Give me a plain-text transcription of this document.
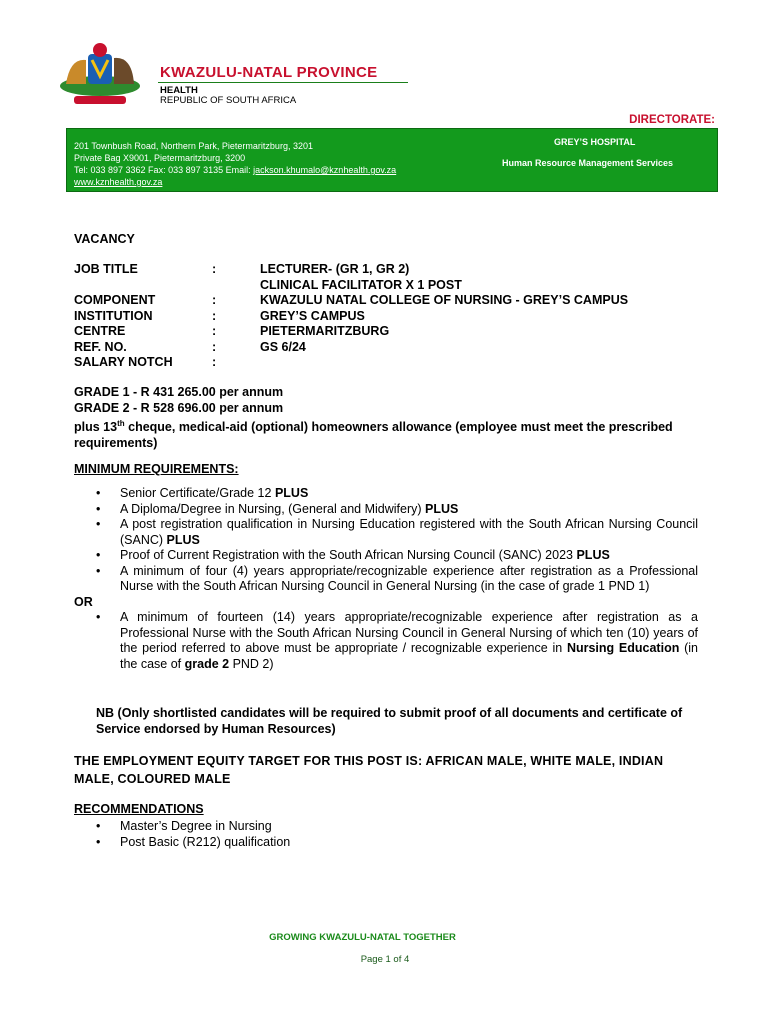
KWAZULU-NATAL PROVINCE
HEALTH
REPUBLIC OF SOUTH AFRICA
DIRECTORATE:
201 Townbush Road, Northern Park, Pietermaritzburg, 3201
Private Bag X9001, Pietermaritzburg, 3200
Tel: 033 897 3362 Fax: 033 897 3135 Email: jackson.khumalo@kznhealth.gov.za
www.kznhealth.gov.za
GREY’S HOSPITAL
Human Resource Management Services
VACANCY
JOB TITLE	:	LECTURER- (GR 1, GR 2)
CLINICAL FACILITATOR X 1 POST
COMPONENT	:	KWAZULU NATAL COLLEGE OF NURSING - GREY’S CAMPUS
INSTITUTION	:	GREY’S CAMPUS
CENTRE	:	PIETERMARITZBURG
REF. NO.	:	GS 6/24
SALARY NOTCH	:
GRADE 1 - R 431 265.00 per annum
GRADE 2 - R 528 696.00 per annum
plus 13th cheque, medical-aid (optional) homeowners allowance (employee must meet the prescribed requirements)
MINIMUM REQUIREMENTS:
• Senior Certificate/Grade 12 PLUS
• A Diploma/Degree in Nursing, (General and Midwifery) PLUS
• A post registration qualification in Nursing Education registered with the South African Nursing Council (SANC) PLUS
• Proof of Current Registration with the South African Nursing Council (SANC) 2023 PLUS
• A minimum of four (4) years appropriate/recognizable experience after registration as a Professional Nurse with the South African Nursing Council in General Nursing (in the case of grade 1 PND 1)
OR
• A minimum of fourteen (14) years appropriate/recognizable experience after registration as a Professional Nurse with the South African Nursing Council in General Nursing of which ten (10) years of the period referred to above must be appropriate / recognizable experience in Nursing Education (in the case of grade 2 PND 2)
NB (Only shortlisted candidates will be required to submit proof of all documents and certificate of Service endorsed by Human Resources)
THE EMPLOYMENT EQUITY TARGET FOR THIS POST IS: AFRICAN MALE, WHITE MALE, INDIAN MALE, COLOURED MALE
RECOMMENDATIONS
• Master’s Degree in Nursing
• Post Basic (R212) qualification
GROWING KWAZULU-NATAL TOGETHER
Page 1 of 4
